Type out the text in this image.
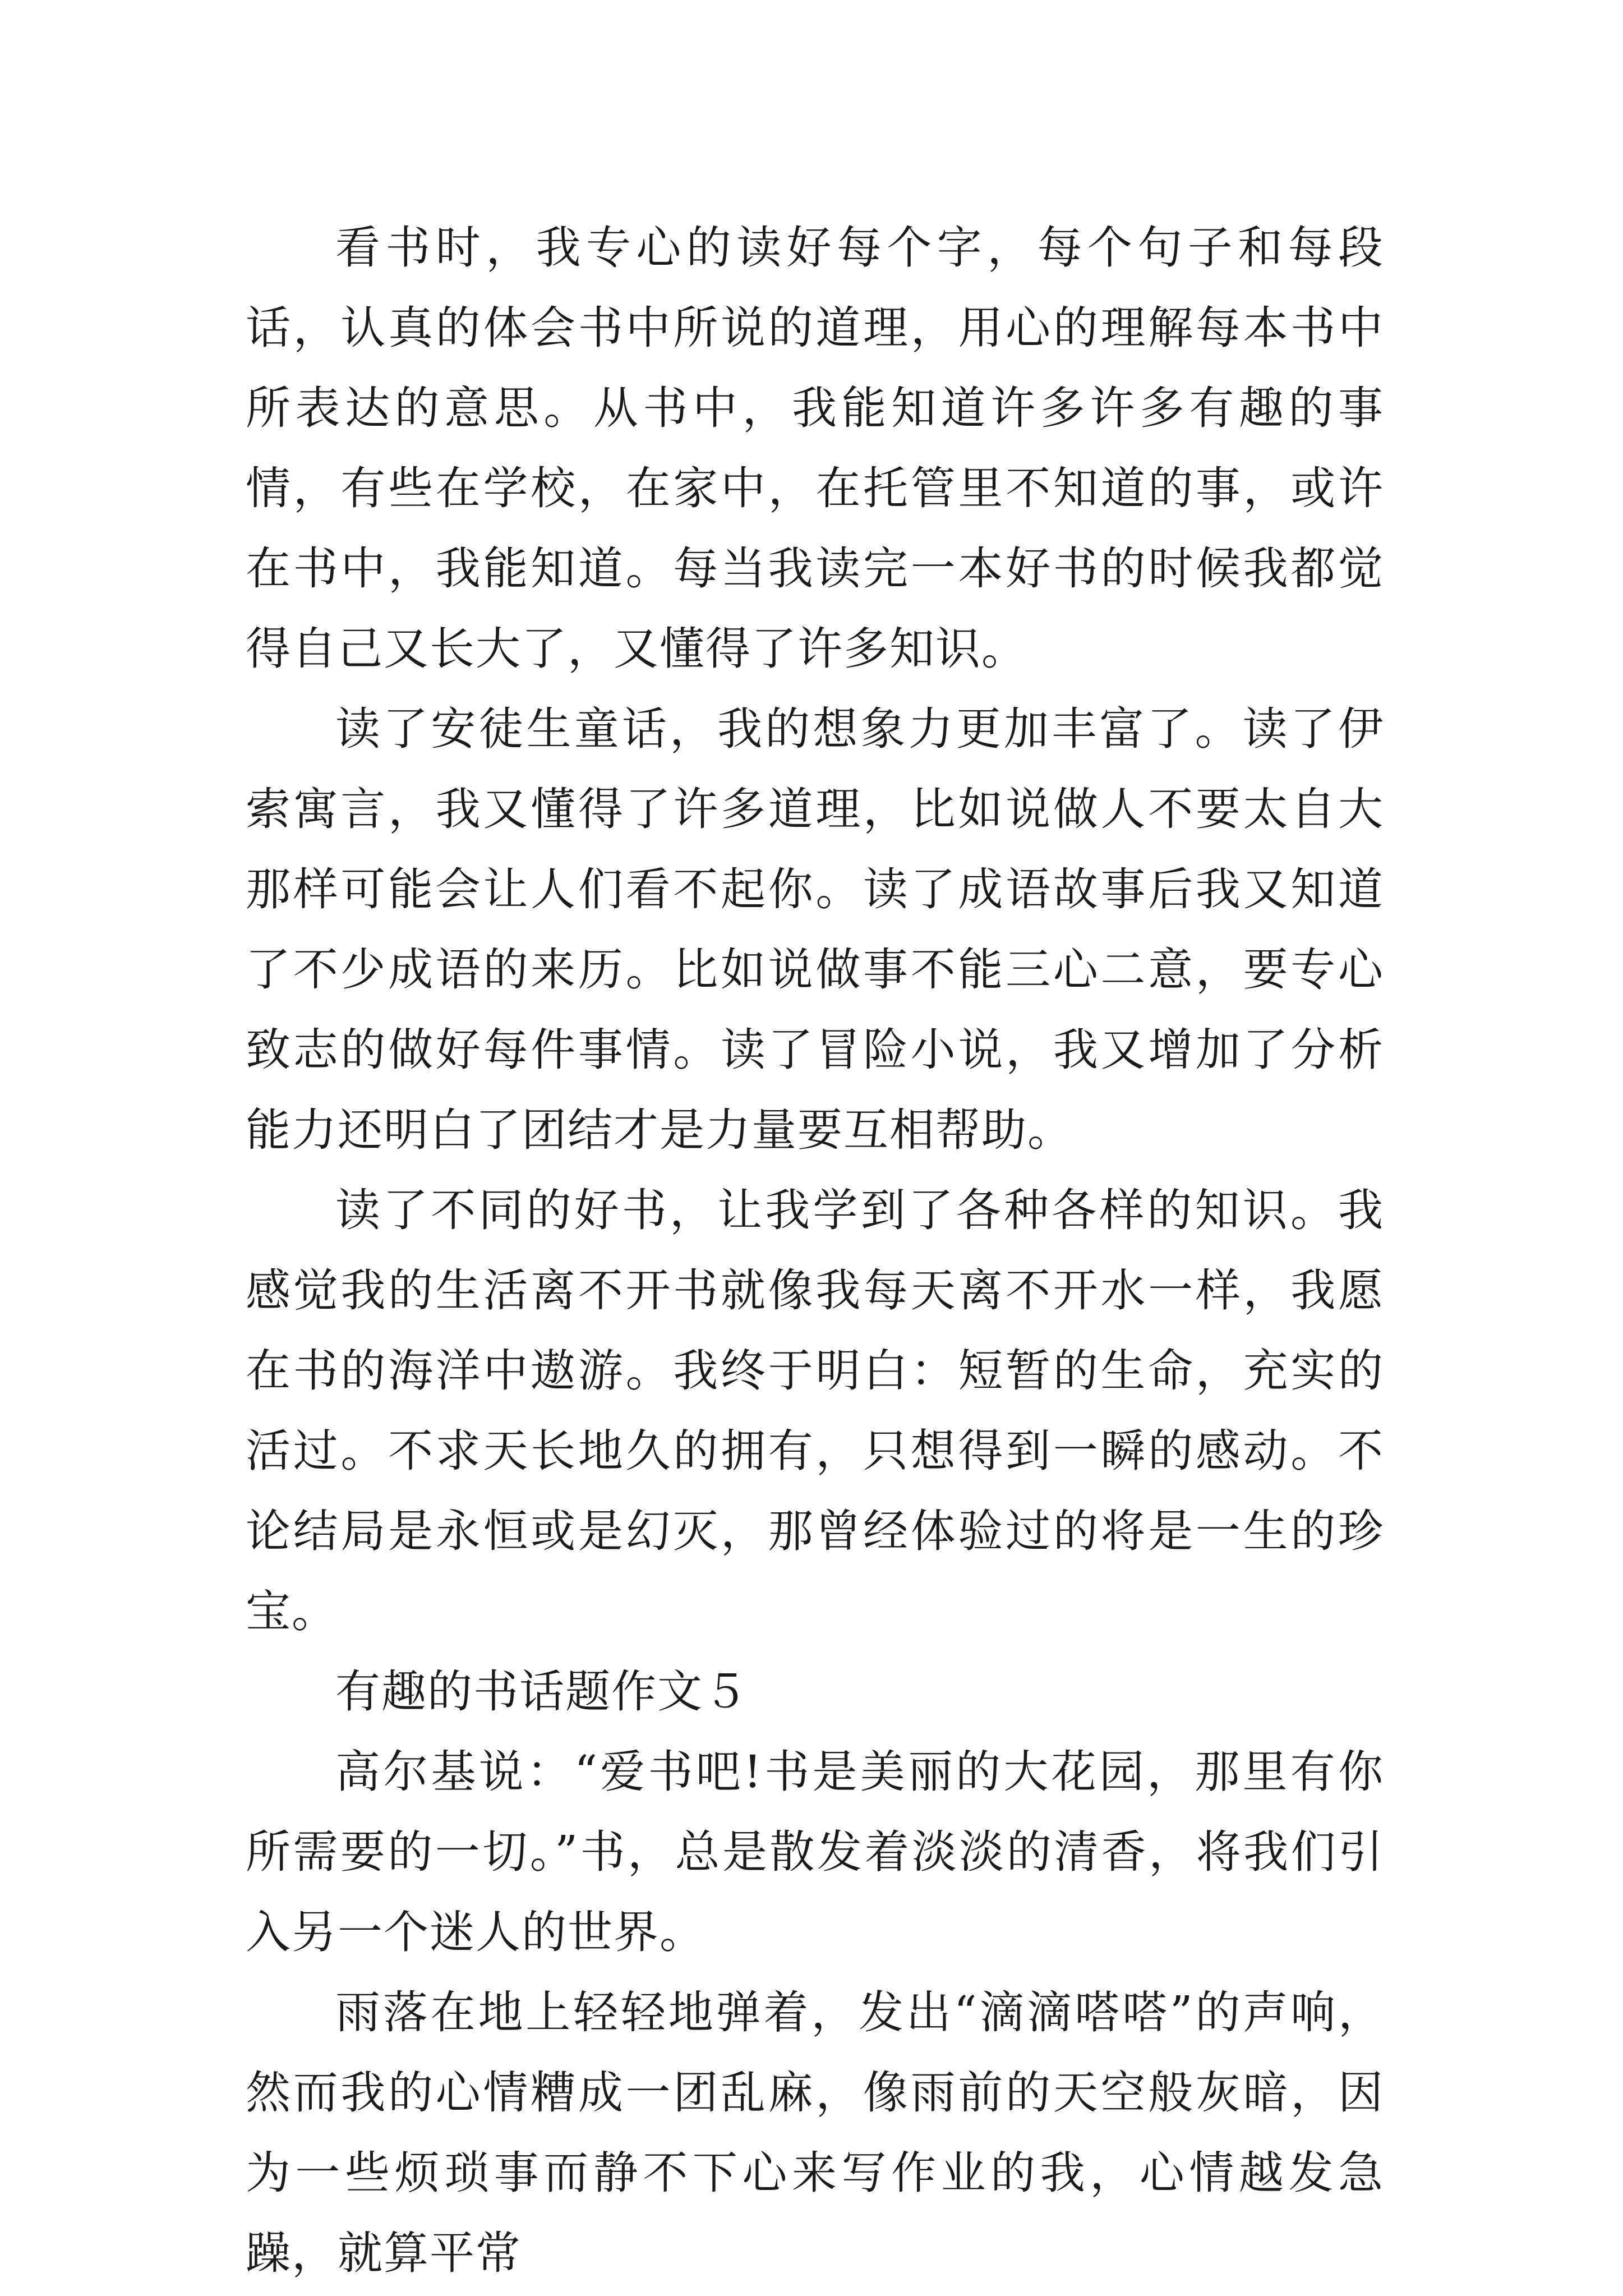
看书时，我专心的读好每个字，每个句子和每段话，认真的体会书中所说的道理，用心的理解每本书中所表达的意思。从书中，我能知道许多许多有趣的事情，有些在学校，在家中，在托管里不知道的事，或许在书中，我能知道。每当我读完一本好书的时候我都觉得自己又长大了，又懂得了许多知识。

读了安徒生童话，我的想象力更加丰富了。读了伊索寓言，我又懂得了许多道理，比如说做人不要太自大那样可能会让人们看不起你。读了成语故事后我又知道了不少成语的来历。比如说做事不能三心二意，要专心致志的做好每件事情。读了冒险小说，我又增加了分析能力还明白了团结才是力量要互相帮助。

读了不同的好书，让我学到了各种各样的知识。我感觉我的生活离不开书就像我每天离不开水一样，我愿在书的海洋中遨游。我终于明白：短暂的生命，充实的活过。不求天长地久的拥有，只想得到一瞬的感动。不论结局是永恒或是幻灭，那曾经体验过的将是一生的珍宝。

有趣的书话题作文５

高尔基说：“爱书吧!书是美丽的大花园，那里有你所需要的一切。”书，总是散发着淡淡的清香，将我们引入另一个迷人的世界。

雨落在地上轻轻地弹着，发出“滴滴嗒嗒”的声响，然而我的心情糟成一团乱麻，像雨前的天空般灰暗，因为一些烦琐事而静不下心来写作业的我，心情越发急躁，就算平常
